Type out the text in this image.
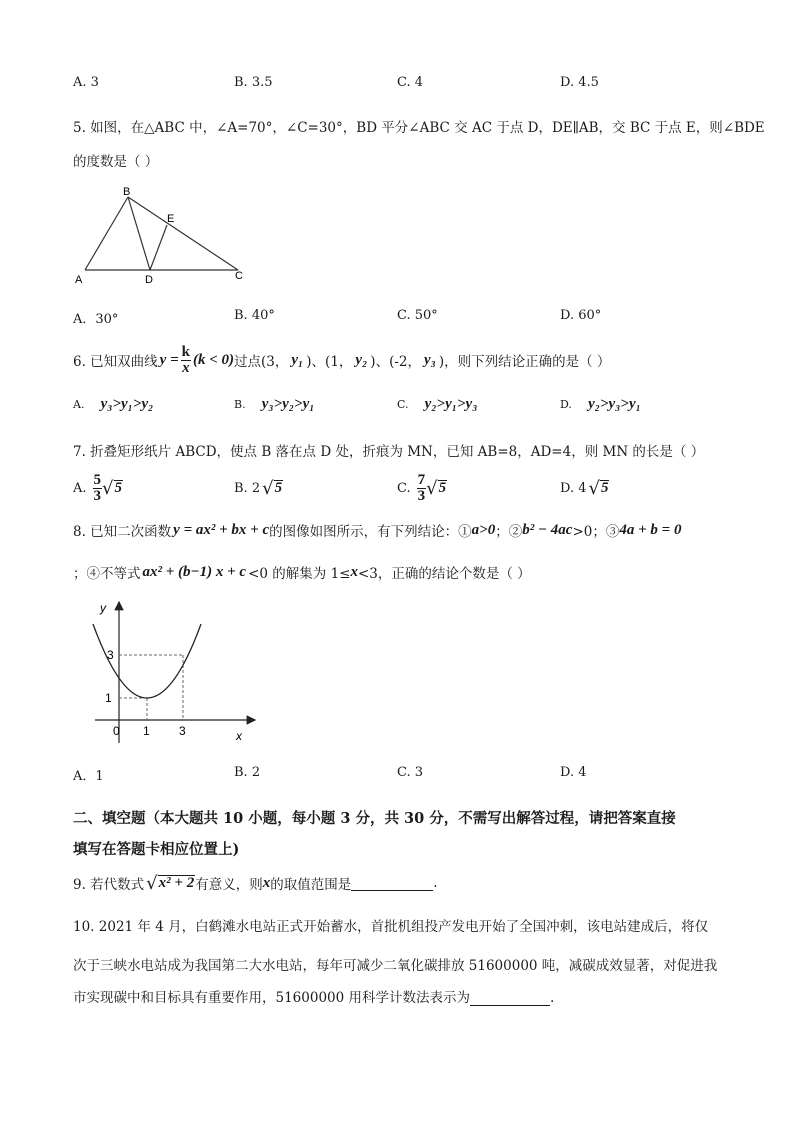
A. 3	B. 3.5	C. 4	D. 4.5
5. 如图，在△ABC 中，∠A=70°，∠C=30°，BD 平分∠ABC 交 AC 于点 D，DE∥AB，交 BC 于点 E，则∠BDE
的度数是（ ）
B
E
A	D	C
A．30°	B. 40°	C. 50°	D. 60°
6. 已知双曲线 $y = \frac{k}{x} (k < 0)$ 过点(3， y₁ )、(1， y₂ )、(-2， y₃ )，则下列结论正确的是（ ）
A. y₃>y₁>y₂	B. y₃>y₂>y₁	C. y₂>y₁>y₃	D. y₂>y₃>y₁
7. 折叠矩形纸片 ABCD，使点 B 落在点 D 处，折痕为 MN，已知 AB=8，AD=4，则 MN 的长是（ ）
A. $\frac{5}{3}$ √ 5	B. 2 √ 5	C. $\frac{7}{3}$ √ 5	D. 4 √ 5
8. 已知二次函数 y = ax² + bx + c 的图像如图所示，有下列结论：① a>0 ；② b² − 4ac >0；③ 4a + b = 0
；④不等式 ax² + (b−1) x + c <0 的解集为 1≤ x <3，正确的结论个数是（ ）
y
x
0 1 3
1
3
A．1	B. 2	C. 3	D. 4
二、填空题（本大题共 10 小题，每小题 3 分，共 30 分，不需写出解答过程，请把答案直接
填写在答题卡相应位置上)
9. 若代数式 √ x² + 2 有意义，则 x 的取值范围是	.
10. 2021 年 4 月，白鹤滩水电站正式开始蓄水，首批机组投产发电开始了全国冲刺，该电站建成后，将仅
次于三峡水电站成为我国第二大水电站，每年可减少二氧化碳排放 51600000 吨，减碳成效显著，对促进我
市实现碳中和目标具有重要作用，51600000 用科学计数法表示为	.
